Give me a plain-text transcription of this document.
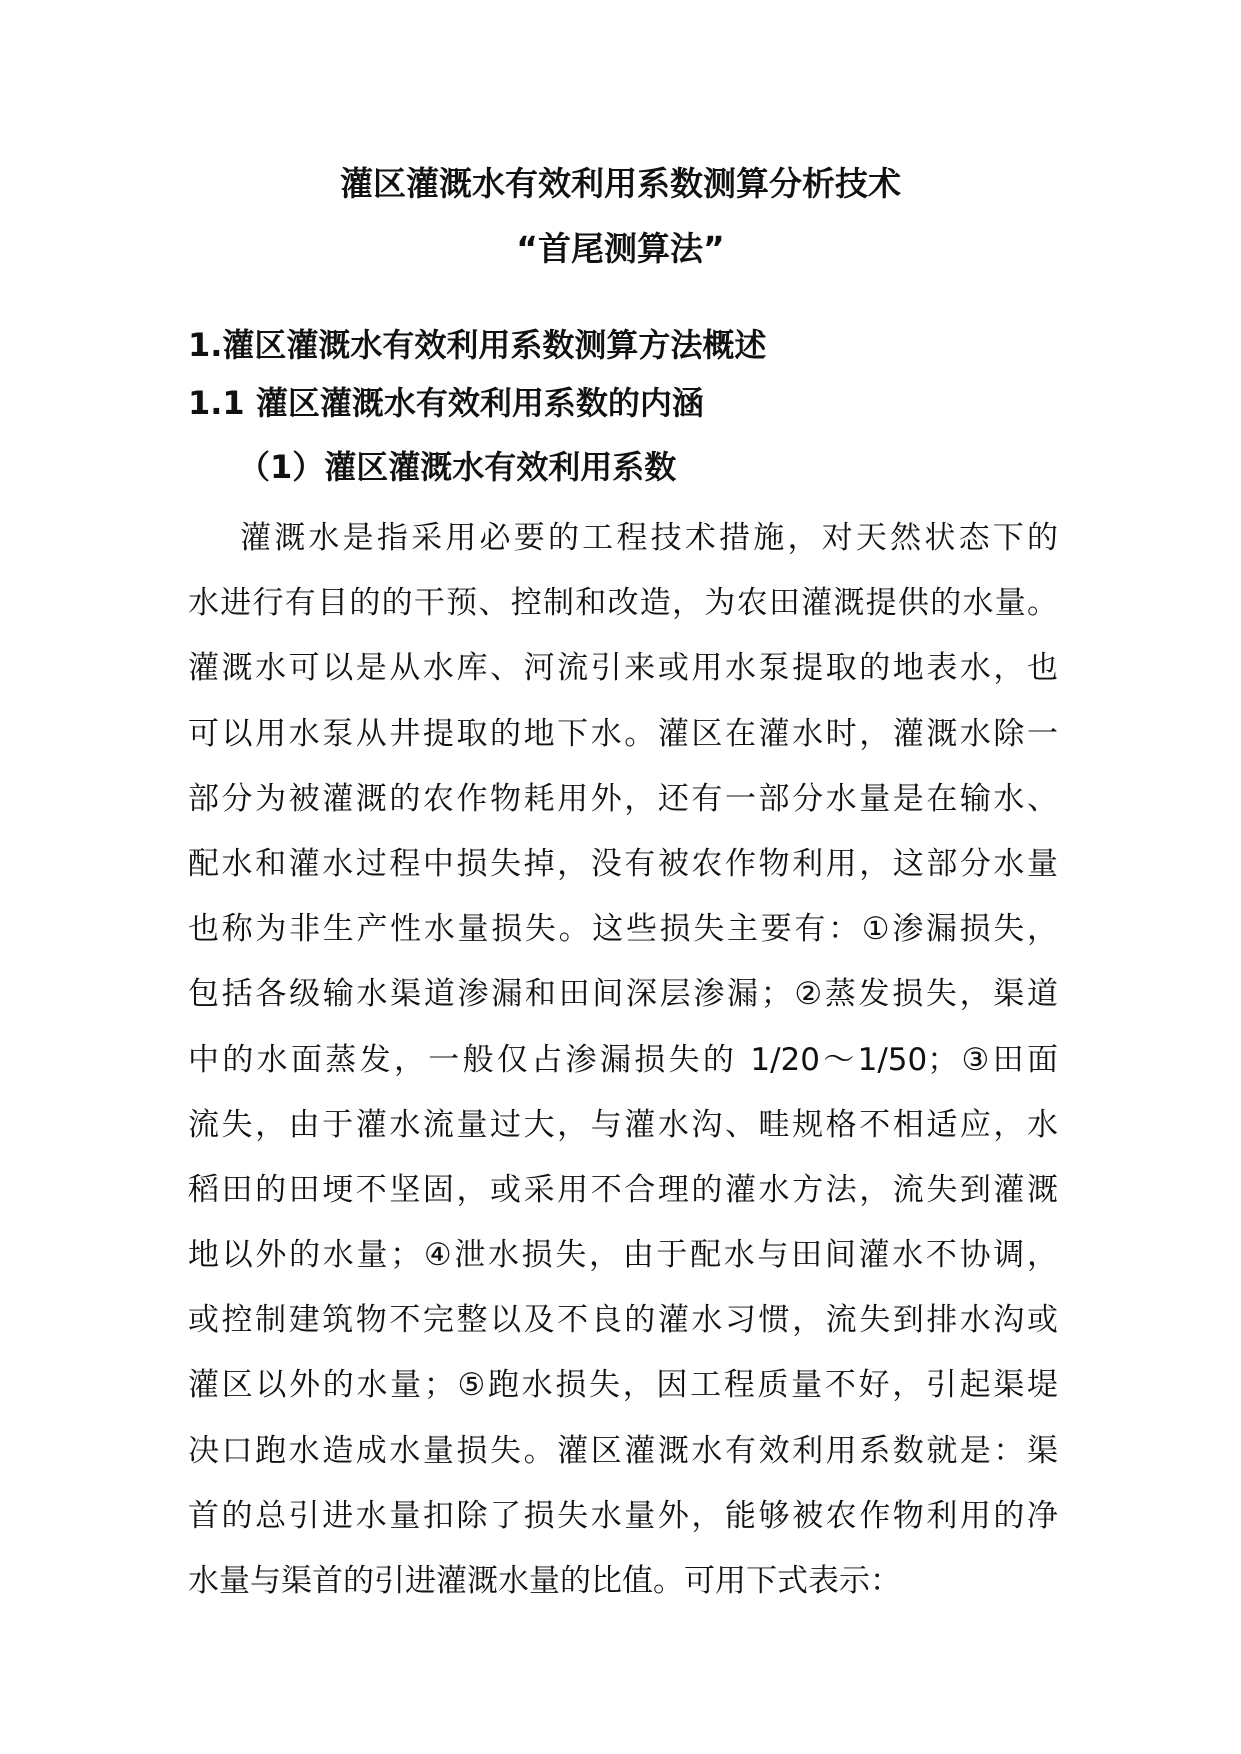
灌区灌溉水有效利用系数测算分析技术
“首尾测算法”
1.灌区灌溉水有效利用系数测算方法概述
1.1 灌区灌溉水有效利用系数的内涵
（1）灌区灌溉水有效利用系数
灌溉水是指采用必要的工程技术措施，对天然状态下的
水进行有目的的干预、控制和改造，为农田灌溉提供的水量。
灌溉水可以是从水库、河流引来或用水泵提取的地表水，也
可以用水泵从井提取的地下水。灌区在灌水时，灌溉水除一
部分为被灌溉的农作物耗用外，还有一部分水量是在输水、
配水和灌水过程中损失掉，没有被农作物利用，这部分水量
也称为非生产性水量损失。这些损失主要有：①渗漏损失，
包括各级输水渠道渗漏和田间深层渗漏；②蒸发损失，渠道
中的水面蒸发，一般仅占渗漏损失的 1/20～1/50；③田面
流失，由于灌水流量过大，与灌水沟、畦规格不相适应，水
稻田的田埂不坚固，或采用不合理的灌水方法，流失到灌溉
地以外的水量；④泄水损失，由于配水与田间灌水不协调，
或控制建筑物不完整以及不良的灌水习惯，流失到排水沟或
灌区以外的水量；⑤跑水损失，因工程质量不好，引起渠堤
决口跑水造成水量损失。灌区灌溉水有效利用系数就是：渠
首的总引进水量扣除了损失水量外，能够被农作物利用的净
水量与渠首的引进灌溉水量的比值。可用下式表示：
